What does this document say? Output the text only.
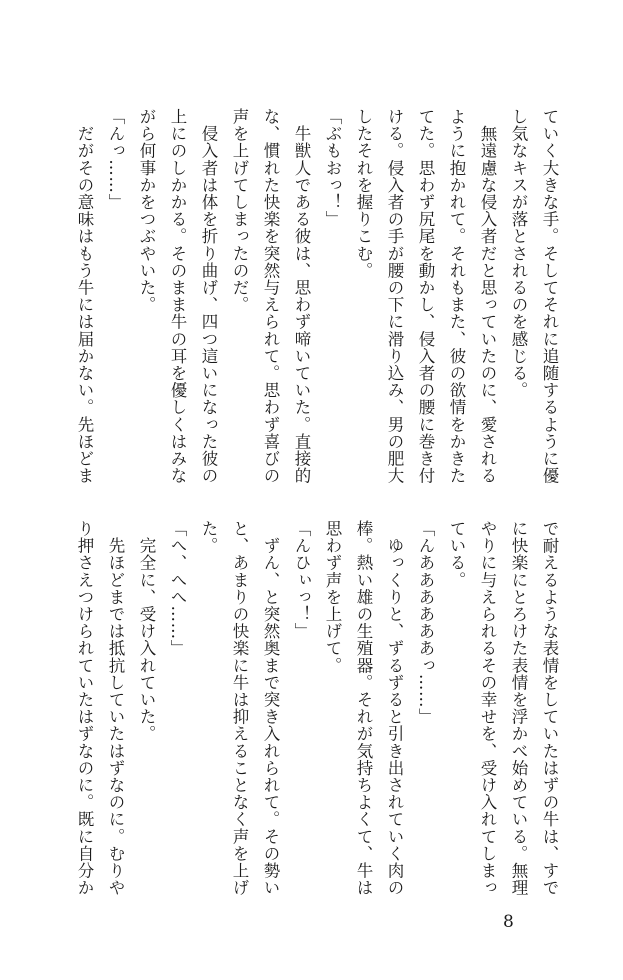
ていく大きな手。そしてそれに追随するように優
し気なキスが落とされるのを感じる。
　無遠慮な侵入者だと思っていたのに、愛される
ように抱かれて。それもまた、彼の欲情をかきた
てた。思わず尻尾を動かし、侵入者の腰に巻き付
ける。侵入者の手が腰の下に滑り込み、男の肥大
したそれを握りこむ。
「ぶもおっ！」
　牛獣人である彼は、思わず啼いていた。直接的
な、慣れた快楽を突然与えられて。思わず喜びの
声を上げてしまったのだ。
　侵入者は体を折り曲げ、四つ這いになった彼の
上にのしかかる。そのまま牛の耳を優しくはみな
がら何事かをつぶやいた。
「んっ……」
　だがその意味はもう牛には届かない。先ほどま
で耐えるような表情をしていたはずの牛は、すで
に快楽にとろけた表情を浮かべ始めている。無理
やりに与えられるその幸せを、受け入れてしまっ
ている。
「んああああああっ……」
　ゆっくりと、ずるずると引き出されていく肉の
棒。熱い雄の生殖器。それが気持ちよくて、牛は
思わず声を上げて。
「んひぃっ！」
　ずん、と突然奥まで突き入れられて。その勢い
と、あまりの快楽に牛は抑えることなく声を上げ
た。
「へ、へへ……」
　完全に、受け入れていた。
　先ほどまでは抵抗していたはずなのに。むりや
り押さえつけられていたはずなのに。既に自分か
8
